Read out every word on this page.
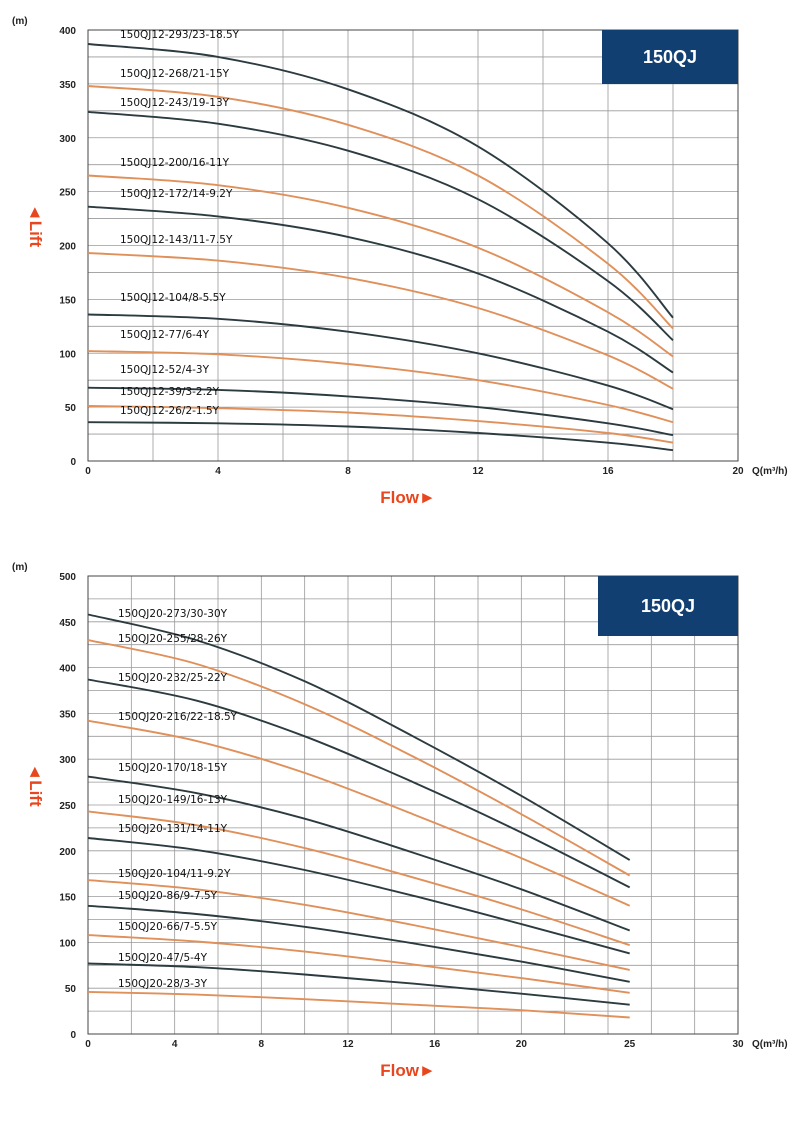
0	4	8	12	16	20
0
50
100
150
200
250
300
350
400
(m)
Q(m³/h)
◄Lift
Flow►
150QJ12-293/23-18.5Y
150QJ12-268/21-15Y
150QJ12-243/19-13Y
150QJ12-200/16-11Y
150QJ12-172/14-9.2Y
150QJ12-143/11-7.5Y
150QJ12-104/8-5.5Y
150QJ12-77/6-4Y
150QJ12-52/4-3Y
150QJ12-39/3-2.2Y
150QJ12-26/2-1.5Y
150QJ
0	4	8	12	16	20	25	30
0
50
100
150
200
250
300
350
400
450
500
(m)
Q(m³/h)
◄Lift
Flow►
150QJ20-273/30-30Y
150QJ20-255/28-26Y
150QJ20-232/25-22Y
150QJ20-216/22-18.5Y
150QJ20-170/18-15Y
150QJ20-149/16-13Y
150QJ20-131/14-11Y
150QJ20-104/11-9.2Y
150QJ20-86/9-7.5Y
150QJ20-66/7-5.5Y
150QJ20-47/5-4Y
150QJ20-28/3-3Y
150QJ
